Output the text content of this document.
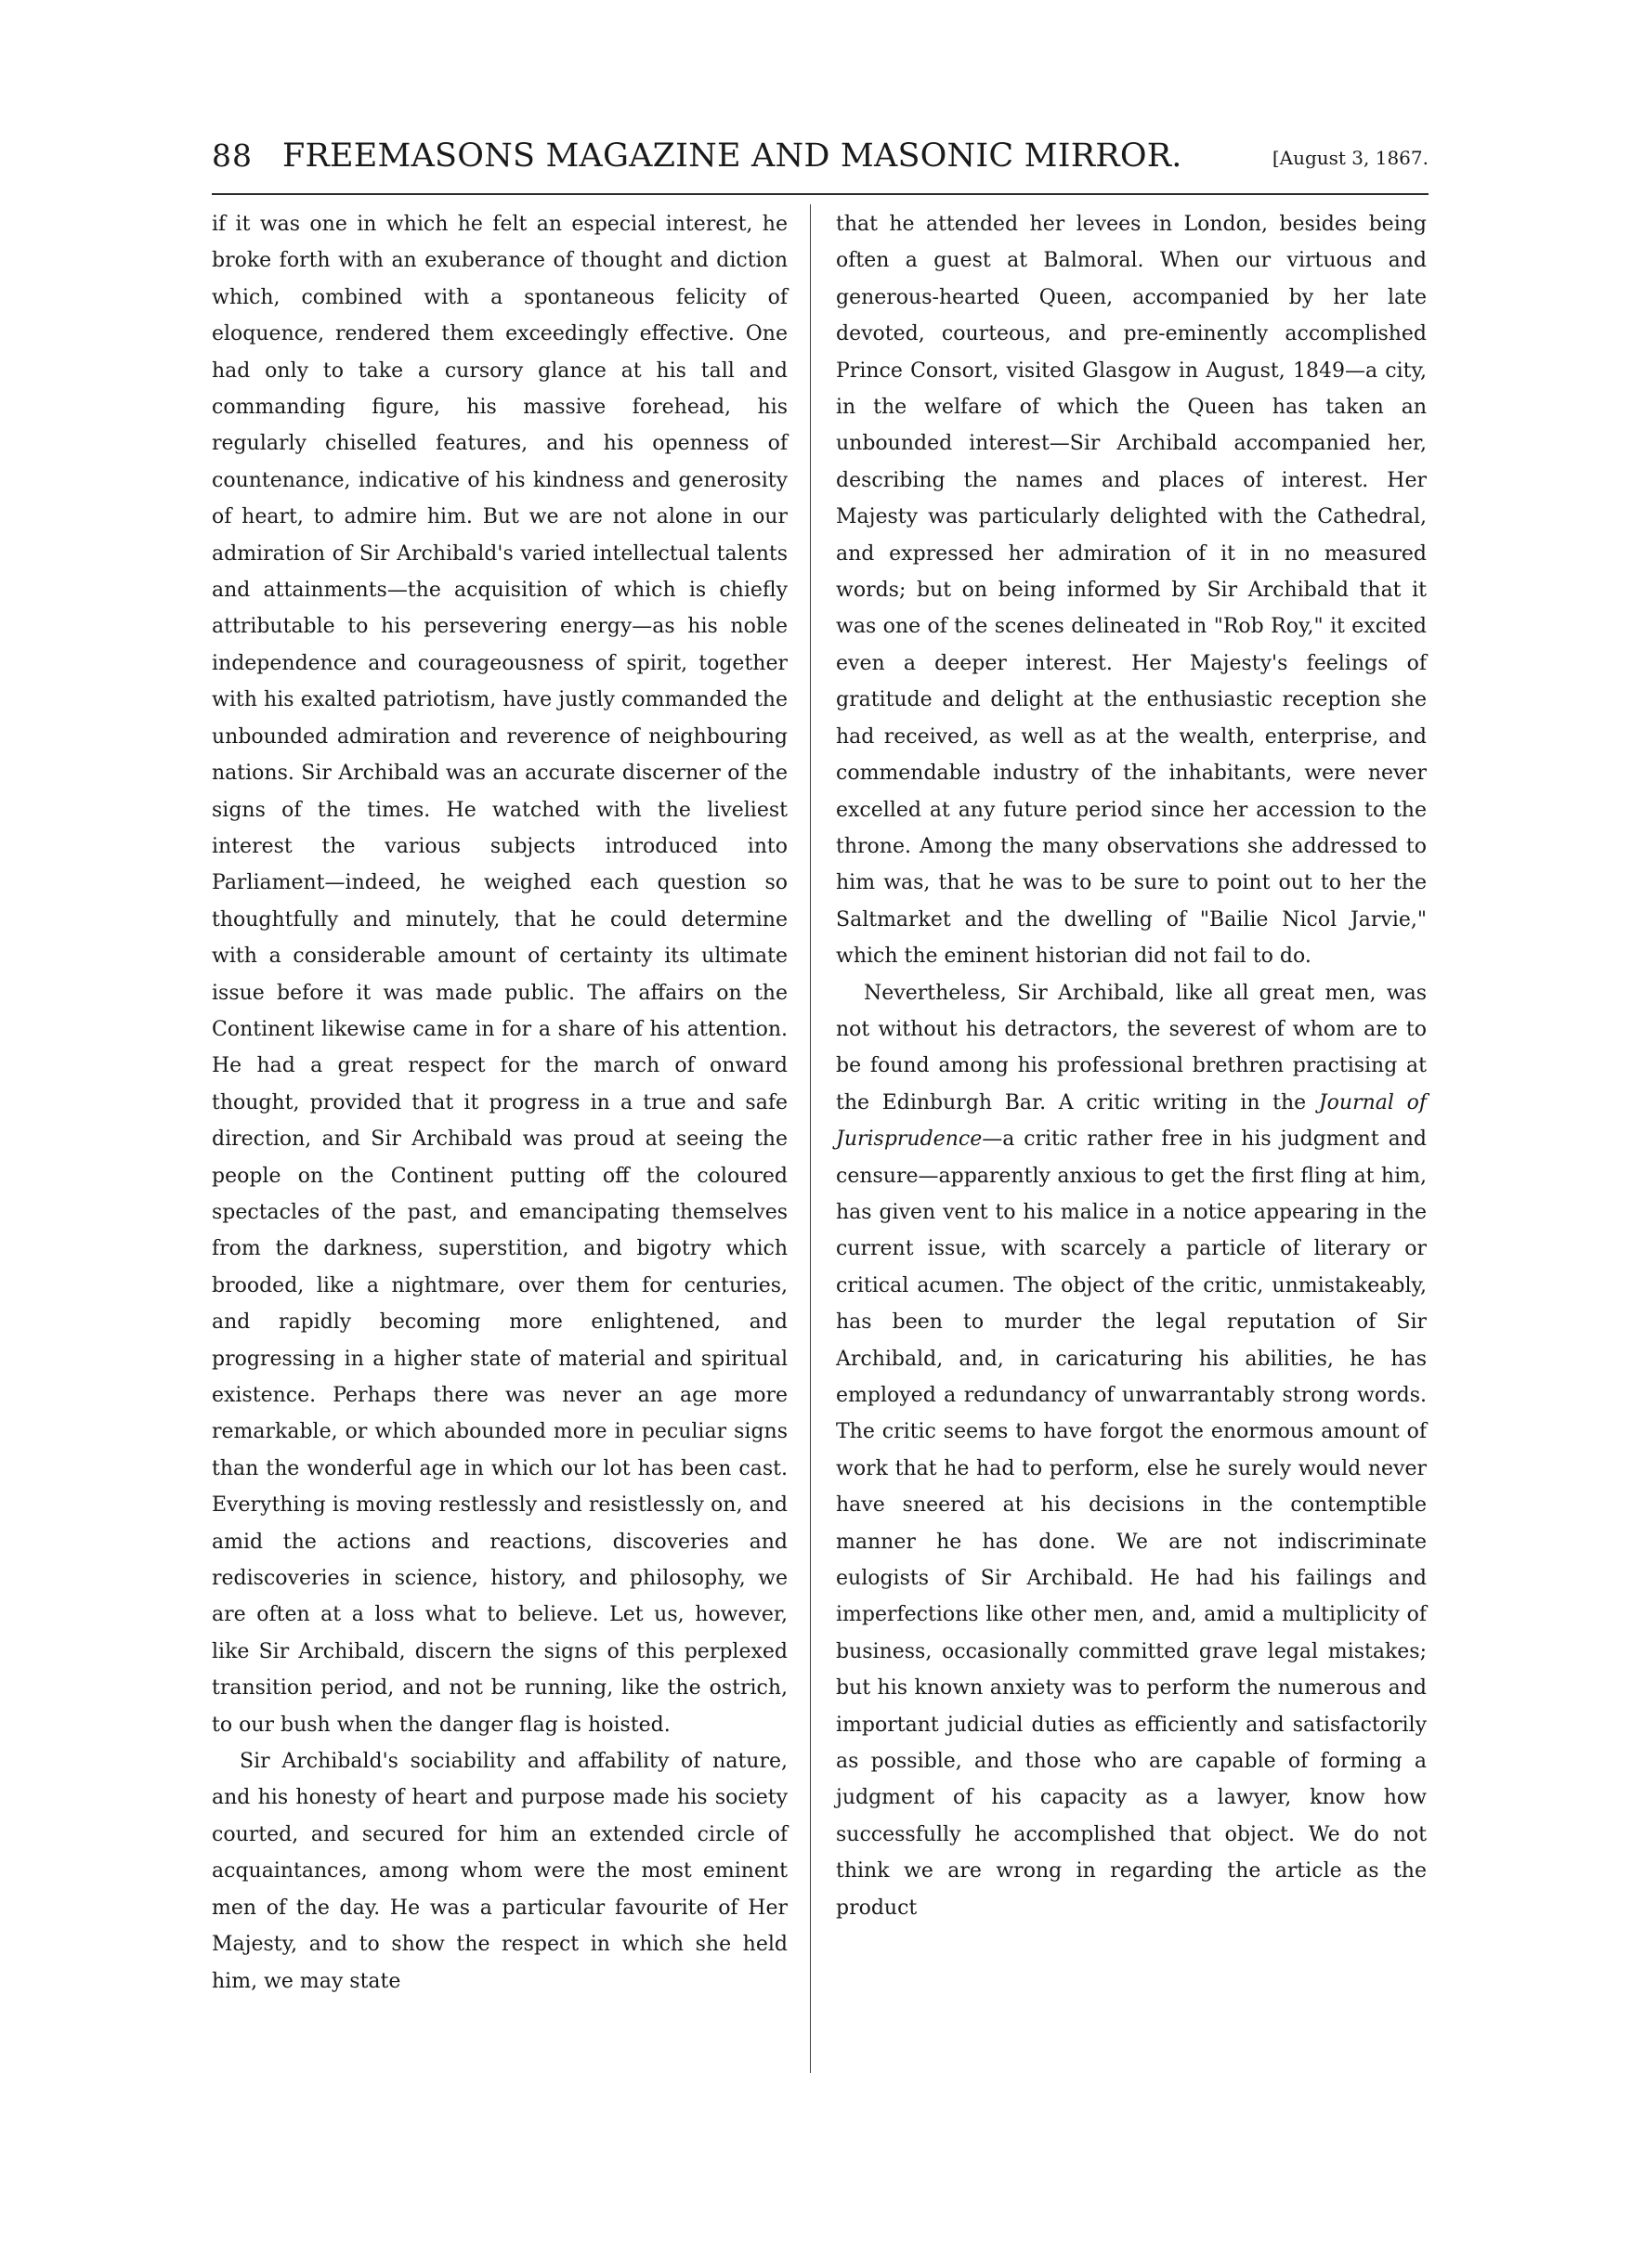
88 FREEMASONS MAGAZINE AND MASONIC MIRROR.	[August 3, 1867.

if it was one in which he felt an especial interest, he broke forth with an exuberance of thought and diction which, combined with a spontaneous felicity of eloquence, rendered them exceedingly effective. One had only to take a cursory glance at his tall and commanding figure, his massive forehead, his regularly chiselled features, and his openness of countenance, indicative of his kindness and generosity of heart, to admire him. But we are not alone in our admiration of Sir Archibald's varied intellectual talents and attainments—the acquisition of which is chiefly attributable to his persevering energy—as his noble independence and courageousness of spirit, together with his exalted patriotism, have justly commanded the unbounded admiration and reverence of neighbouring nations. Sir Archibald was an accurate discerner of the signs of the times. He watched with the liveliest interest the various subjects introduced into Parliament—indeed, he weighed each question so thoughtfully and minutely, that he could determine with a considerable amount of certainty its ultimate issue before it was made public. The affairs on the Continent likewise came in for a share of his attention. He had a great respect for the march of onward thought, provided that it progress in a true and safe direction, and Sir Archibald was proud at seeing the people on the Continent putting off the coloured spectacles of the past, and emancipating themselves from the darkness, superstition, and bigotry which brooded, like a nightmare, over them for centuries, and rapidly becoming more enlightened, and progressing in a higher state of material and spiritual existence. Perhaps there was never an age more remarkable, or which abounded more in peculiar signs than the wonderful age in which our lot has been cast. Everything is moving restlessly and resistlessly on, and amid the actions and reactions, discoveries and rediscoveries in science, history, and philosophy, we are often at a loss what to believe. Let us, however, like Sir Archibald, discern the signs of this perplexed transition period, and not be running, like the ostrich, to our bush when the danger flag is hoisted.

Sir Archibald's sociability and affability of nature, and his honesty of heart and purpose made his society courted, and secured for him an extended circle of acquaintances, among whom were the most eminent men of the day. He was a particular favourite of Her Majesty, and to show the respect in which she held him, we may state

that he attended her levees in London, besides being often a guest at Balmoral. When our virtuous and generous-hearted Queen, accompanied by her late devoted, courteous, and pre-eminently accomplished Prince Consort, visited Glasgow in August, 1849—a city, in the welfare of which the Queen has taken an unbounded interest—Sir Archibald accompanied her, describing the names and places of interest. Her Majesty was particularly delighted with the Cathedral, and expressed her admiration of it in no measured words; but on being informed by Sir Archibald that it was one of the scenes delineated in "Rob Roy," it excited even a deeper interest. Her Majesty's feelings of gratitude and delight at the enthusiastic reception she had received, as well as at the wealth, enterprise, and commendable industry of the inhabitants, were never excelled at any future period since her accession to the throne. Among the many observations she addressed to him was, that he was to be sure to point out to her the Saltmarket and the dwelling of "Bailie Nicol Jarvie," which the eminent historian did not fail to do.

Nevertheless, Sir Archibald, like all great men, was not without his detractors, the severest of whom are to be found among his professional brethren practising at the Edinburgh Bar. A critic writing in the Journal of Jurisprudence—a critic rather free in his judgment and censure—apparently anxious to get the first fling at him, has given vent to his malice in a notice appearing in the current issue, with scarcely a particle of literary or critical acumen. The object of the critic, unmistakeably, has been to murder the legal reputation of Sir Archibald, and, in caricaturing his abilities, he has employed a redundancy of unwarrantably strong words. The critic seems to have forgot the enormous amount of work that he had to perform, else he surely would never have sneered at his decisions in the contemptible manner he has done. We are not indiscriminate eulogists of Sir Archibald. He had his failings and imperfections like other men, and, amid a multiplicity of business, occasionally committed grave legal mistakes; but his known anxiety was to perform the numerous and important judicial duties as efficiently and satisfactorily as possible, and those who are capable of forming a judgment of his capacity as a lawyer, know how successfully he accomplished that object. We do not think we are wrong in regarding the article as the product
